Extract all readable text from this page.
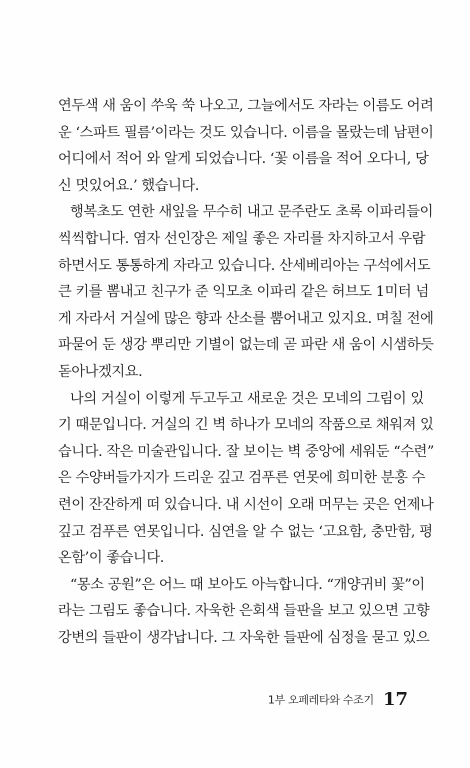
연두색 새 움이 쑤욱 쑥 나오고, 그늘에서도 자라는 이름도 어려
운 ‘스파트 필름’이라는 것도 있습니다. 이름을 몰랐는데 남편이
어디에서 적어 와 알게 되었습니다. ‘꽃 이름을 적어 오다니, 당
신 멋있어요.’ 했습니다.
행복초도 연한 새잎을 무수히 내고 문주란도 초록 이파리들이
씩씩합니다. 염자 선인장은 제일 좋은 자리를 차지하고서 우람
하면서도 통통하게 자라고 있습니다. 산세베리아는 구석에서도
큰 키를 뽐내고 친구가 준 익모초 이파리 같은 허브도 1미터 넘
게 자라서 거실에 많은 향과 산소를 뿜어내고 있지요. 며칠 전에
파묻어 둔 생강 뿌리만 기별이 없는데 곧 파란 새 움이 시샘하듯
돋아나겠지요.
나의 거실이 이렇게 두고두고 새로운 것은 모네의 그림이 있
기 때문입니다. 거실의 긴 벽 하나가 모네의 작품으로 채워져 있
습니다. 작은 미술관입니다. 잘 보이는 벽 중앙에 세워둔 “수련”
은 수양버들가지가 드리운 깊고 검푸른 연못에 희미한 분홍 수
련이 잔잔하게 떠 있습니다. 내 시선이 오래 머무는 곳은 언제나
깊고 검푸른 연못입니다. 심연을 알 수 없는 ‘고요함, 충만함, 평
온함’이 좋습니다.
“몽소 공원”은 어느 때 보아도 아늑합니다. “개양귀비 꽃”이
라는 그림도 좋습니다. 자욱한 은회색 들판을 보고 있으면 고향
강변의 들판이 생각납니다. 그 자욱한 들판에 심정을 묻고 있으
1부 오페레타와 수조기 17
